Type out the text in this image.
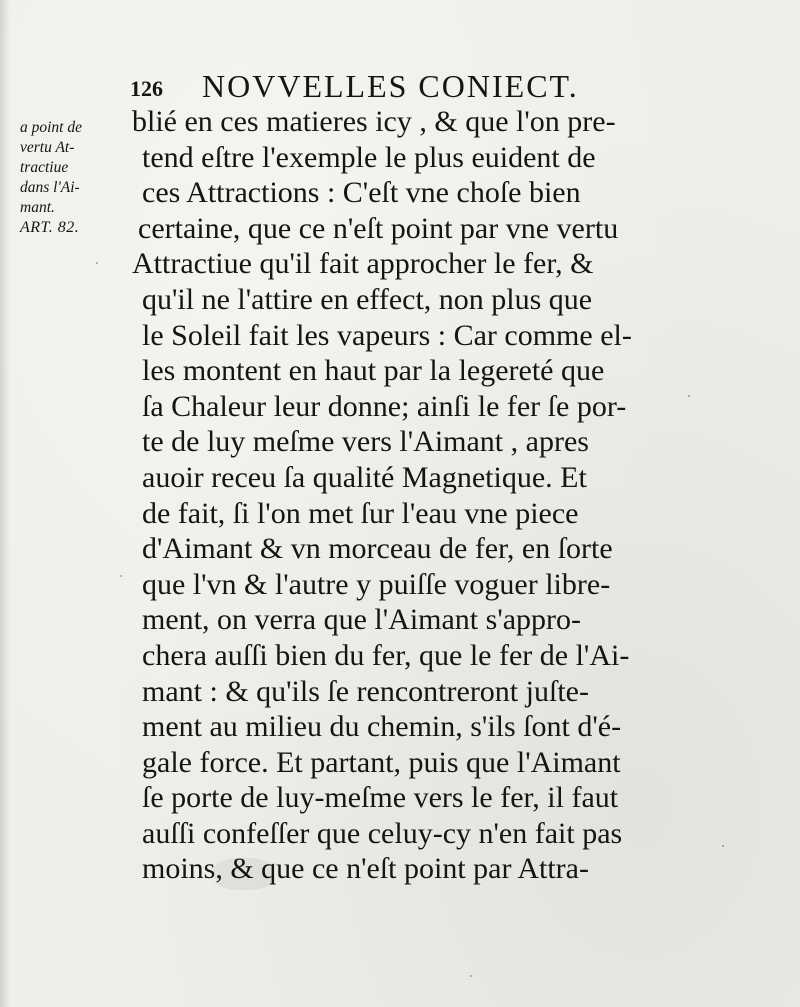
126 NOVVELLES CONIECT.
a point de
vertu At-
tractiue
dans l'Ai-
mant.
ART. 82.
blié en ces matieres icy , & que l'on pre-
tend eſtre l'exemple le plus euident de
ces Attractions : C'eſt vne choſe bien
certaine, que ce n'eſt point par vne vertu
Attractiue qu'il fait approcher le fer, &
qu'il ne l'attire en effect, non plus que
le Soleil fait les vapeurs : Car comme el-
les montent en haut par la legereté que
ſa Chaleur leur donne; ainſi le fer ſe por-
te de luy meſme vers l'Aimant , apres
auoir receu ſa qualité Magnetique. Et
de fait, ſi l'on met ſur l'eau vne piece
d'Aimant & vn morceau de fer, en ſorte
que l'vn & l'autre y puiſſe voguer libre-
ment, on verra que l'Aimant s'appro-
chera auſſi bien du fer, que le fer de l'Ai-
mant : & qu'ils ſe rencontreront juſte-
ment au milieu du chemin, s'ils ſont d'é-
gale force. Et partant, puis que l'Aimant
ſe porte de luy-meſme vers le fer, il faut
auſſi confeſſer que celuy-cy n'en fait pas
moins, & que ce n'eſt point par Attra-
